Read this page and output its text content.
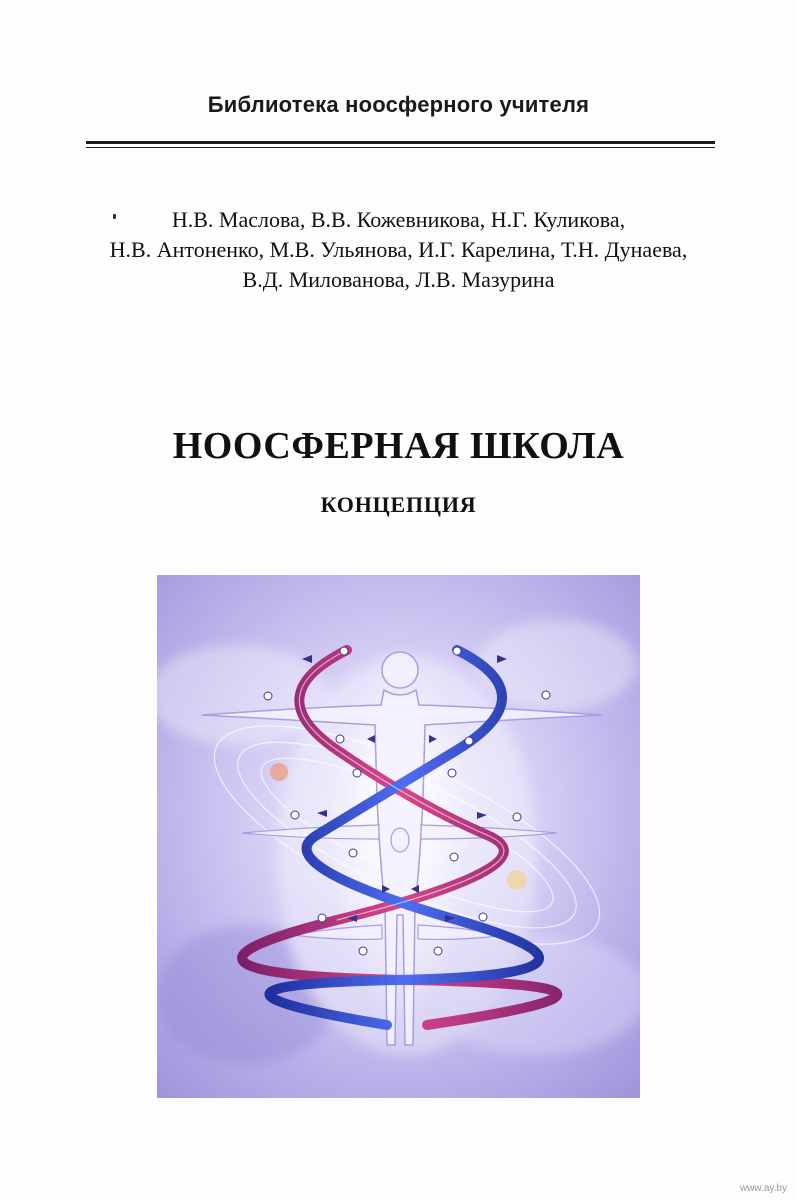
Библиотека ноосферного учителя
Н.В. Маслова, В.В. Кожевникова, Н.Г. Куликова,
Н.В. Антоненко, М.В. Ульянова, И.Г. Карелина, Т.Н. Дунаева,
В.Д. Милованова, Л.В. Мазурина
НООСФЕРНАЯ ШКОЛА
КОНЦЕПЦИЯ
www.ay.by
